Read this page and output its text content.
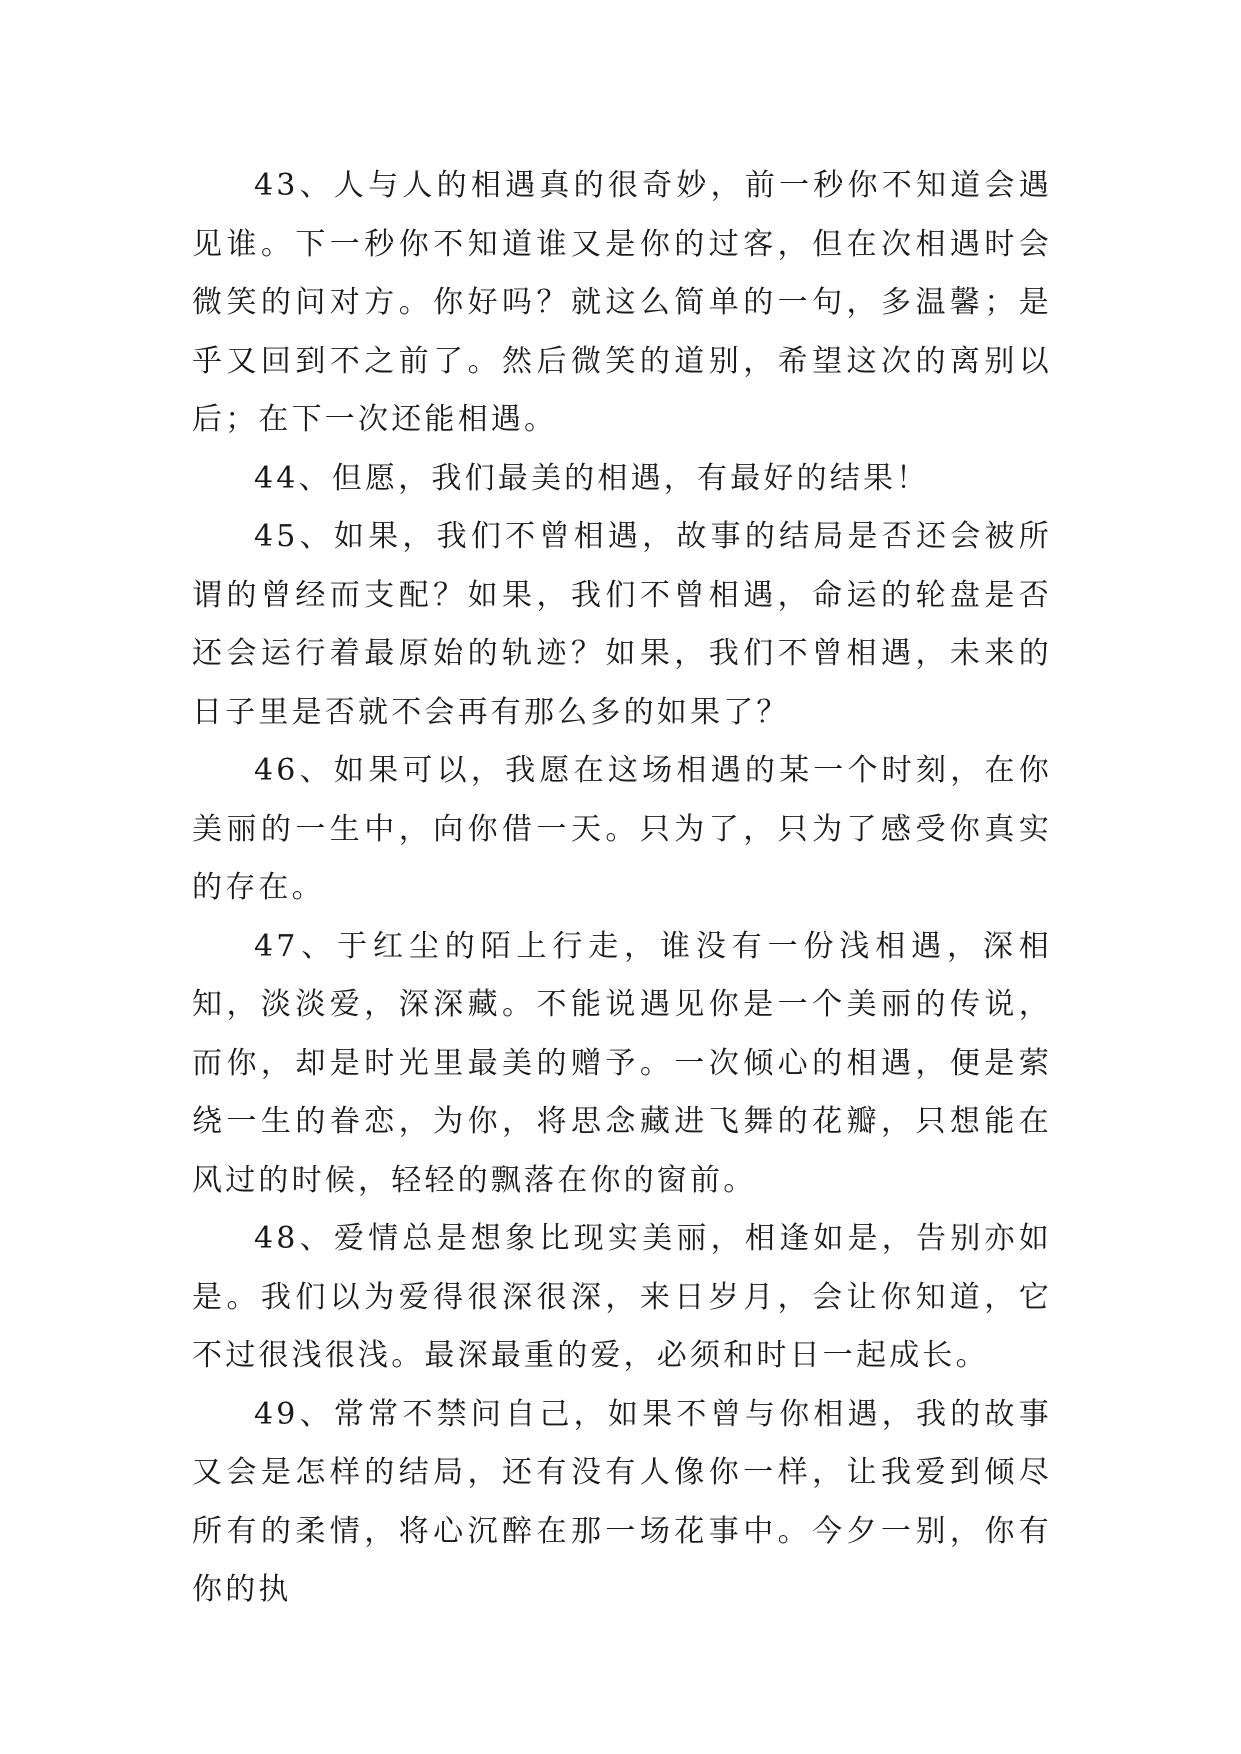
43、人与人的相遇真的很奇妙，前一秒你不知道会遇见谁。下一秒你不知道谁又是你的过客，但在次相遇时会微笑的问对方。你好吗？就这么简单的一句，多温馨；是乎又回到不之前了。然后微笑的道别，希望这次的离别以后；在下一次还能相遇。

44、但愿，我们最美的相遇，有最好的结果！

45、如果，我们不曾相遇，故事的结局是否还会被所谓的曾经而支配？如果，我们不曾相遇，命运的轮盘是否还会运行着最原始的轨迹？如果，我们不曾相遇，未来的日子里是否就不会再有那么多的如果了？

46、如果可以，我愿在这场相遇的某一个时刻，在你美丽的一生中，向你借一天。只为了，只为了感受你真实的存在。

47、于红尘的陌上行走，谁没有一份浅相遇，深相知，淡淡爱，深深藏。不能说遇见你是一个美丽的传说，而你，却是时光里最美的赠予。一次倾心的相遇，便是萦绕一生的眷恋，为你，将思念藏进飞舞的花瓣，只想能在风过的时候，轻轻的飘落在你的窗前。

48、爱情总是想象比现实美丽，相逢如是，告别亦如是。我们以为爱得很深很深，来日岁月，会让你知道，它不过很浅很浅。最深最重的爱，必须和时日一起成长。

49、常常不禁问自己，如果不曾与你相遇，我的故事又会是怎样的结局，还有没有人像你一样，让我爱到倾尽所有的柔情，将心沉醉在那一场花事中。今夕一别，你有你的执
